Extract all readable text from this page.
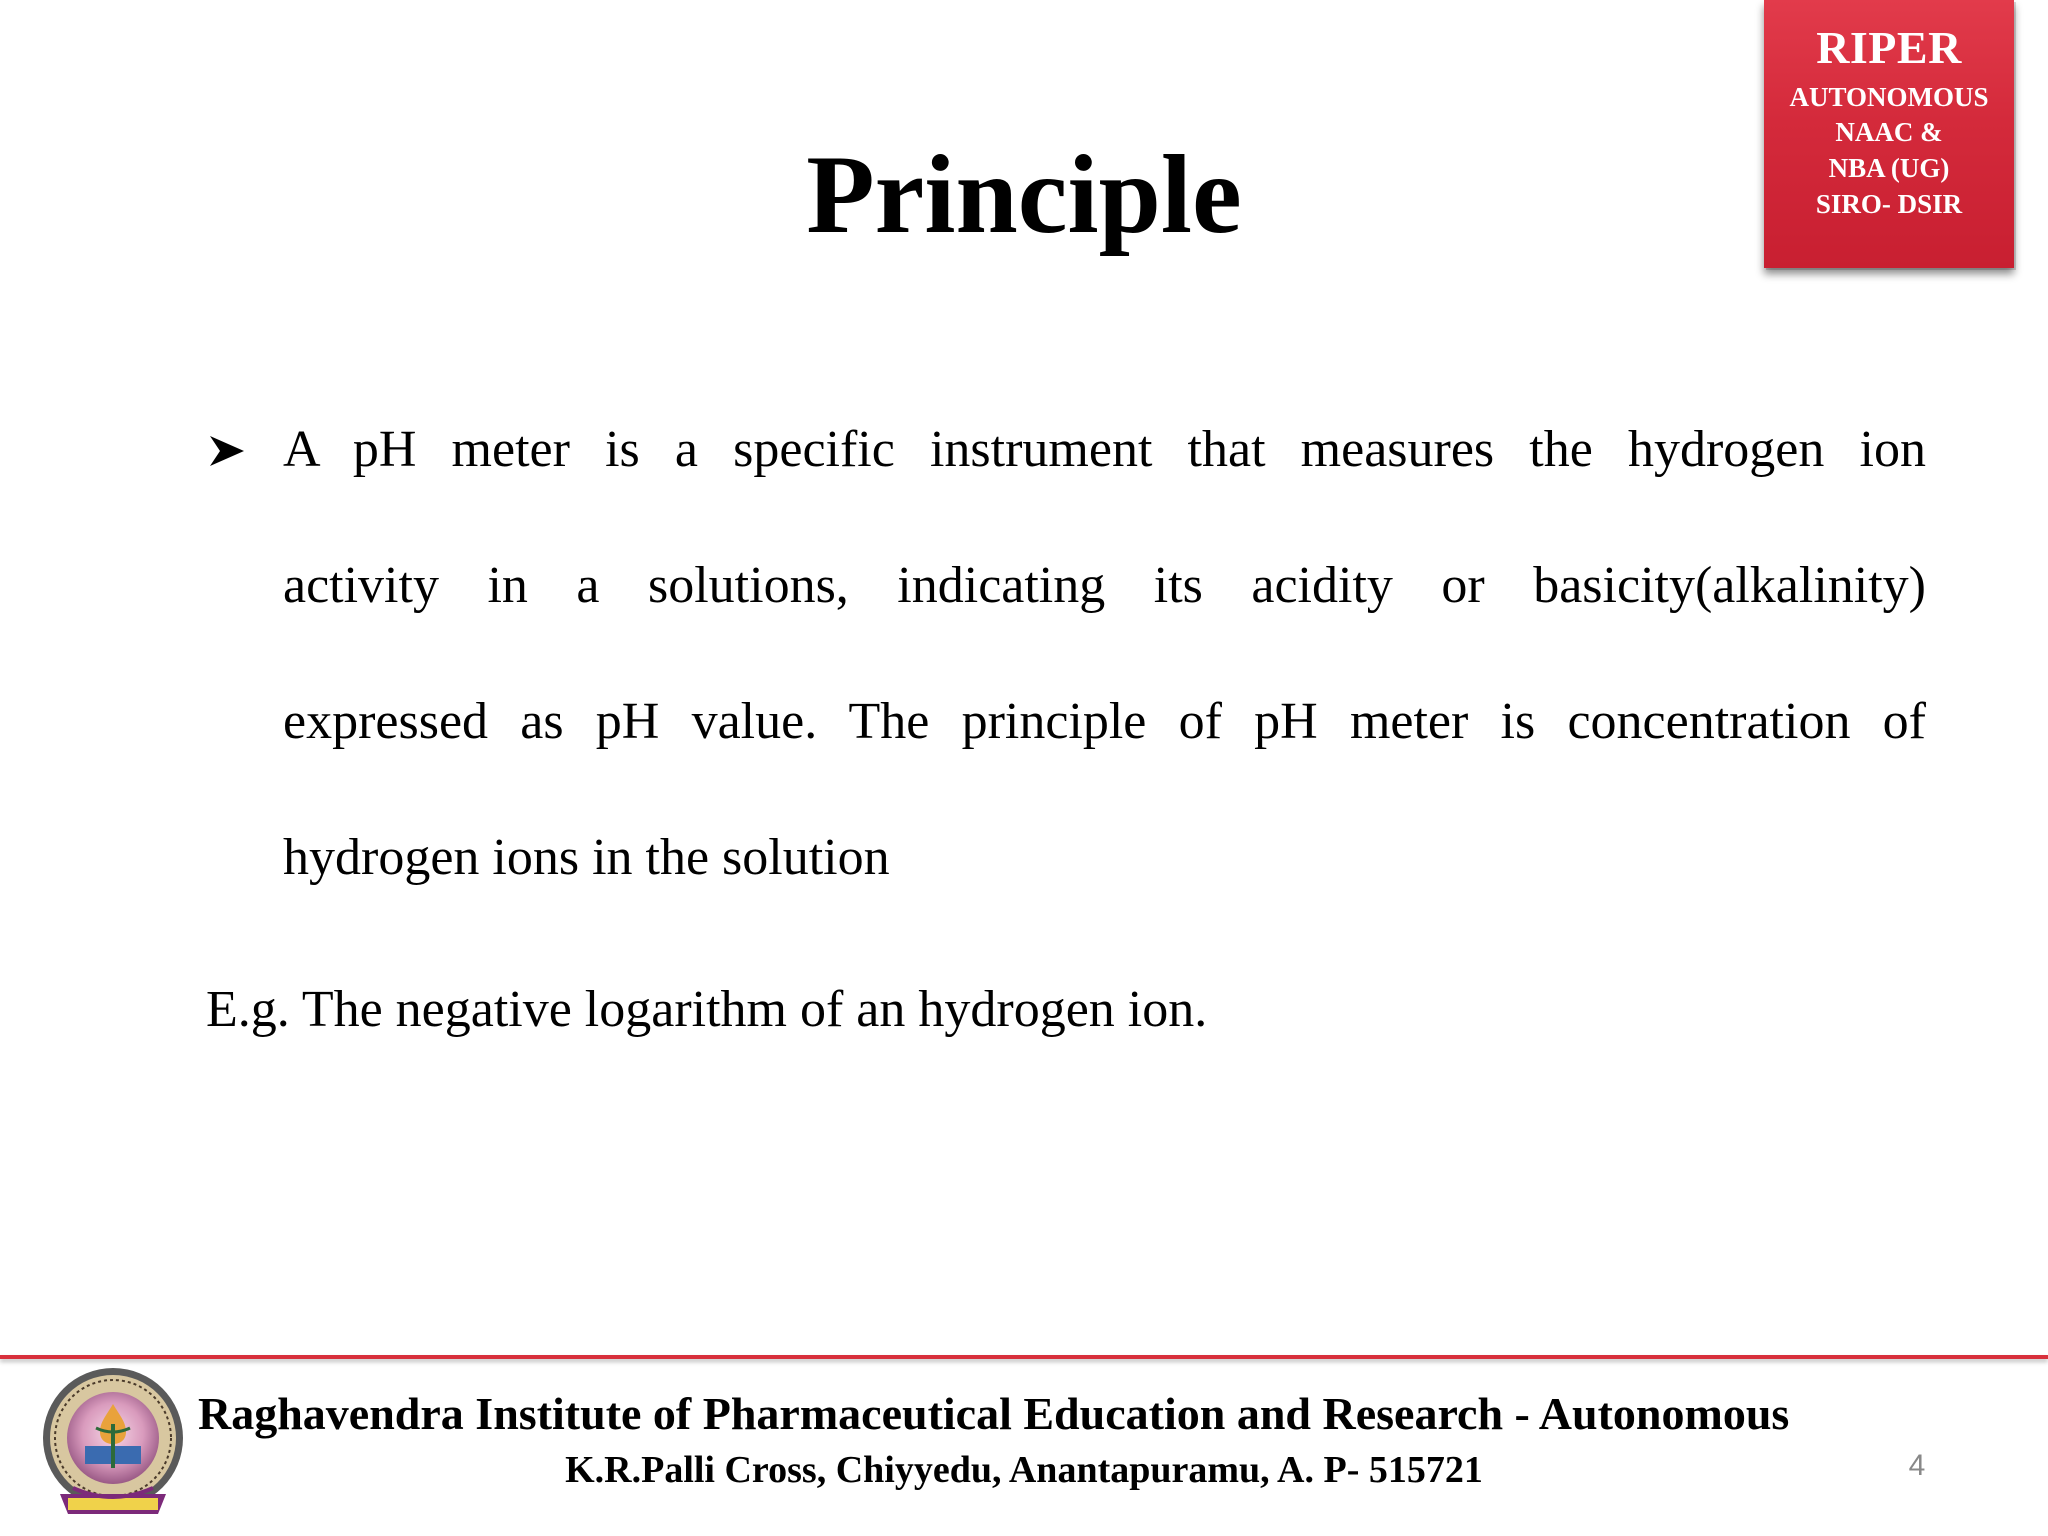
RIPER
AUTONOMOUS
NAAC &
NBA (UG)
SIRO- DSIR
Principle
A pH meter is a specific instrument that measures the hydrogen ion
activity in a solutions, indicating its acidity or basicity(alkalinity)
expressed as pH value. The principle of pH meter is concentration of
hydrogen ions in the solution
E.g. The negative logarithm of an hydrogen ion.
Raghavendra Institute of Pharmaceutical Education and Research - Autonomous
K.R.Palli Cross, Chiyyedu, Anantapuramu, A. P- 515721	4
